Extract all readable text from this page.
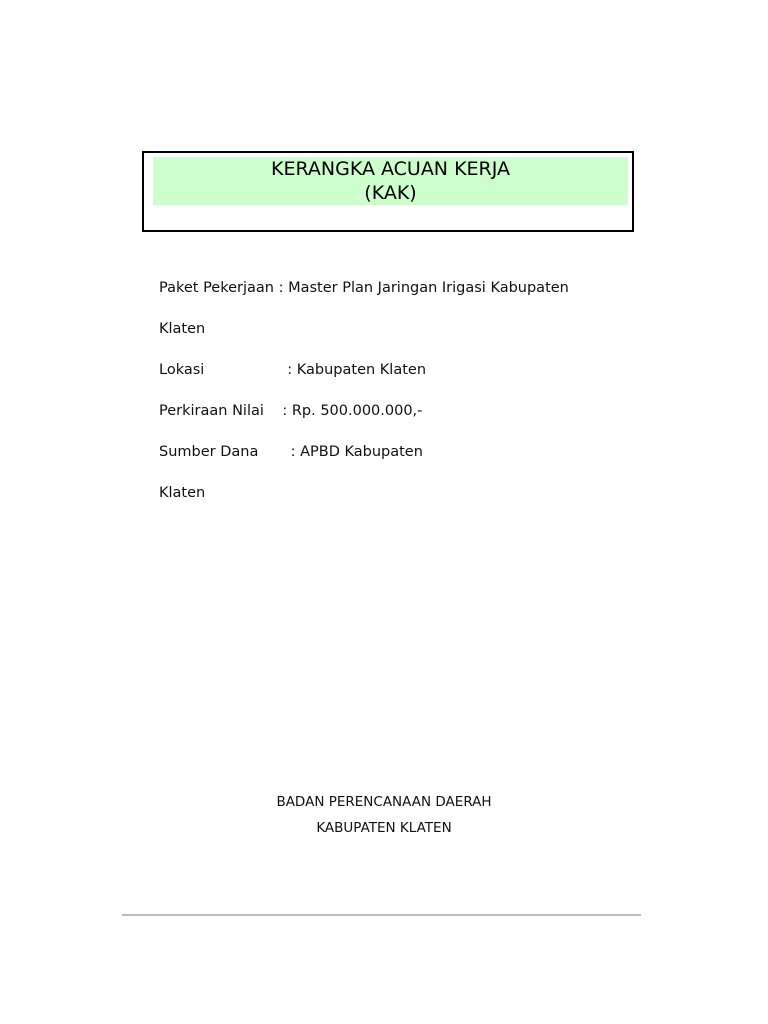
KERANGKA ACUAN KERJA
(KAK)
Paket Pekerjaan : Master Plan Jaringan Irigasi Kabupaten
Klaten
Lokasi                  : Kabupaten Klaten
Perkiraan Nilai    : Rp. 500.000.000,-
Sumber Dana       : APBD Kabupaten
Klaten
BADAN PERENCANAAN DAERAH
KABUPATEN KLATEN
